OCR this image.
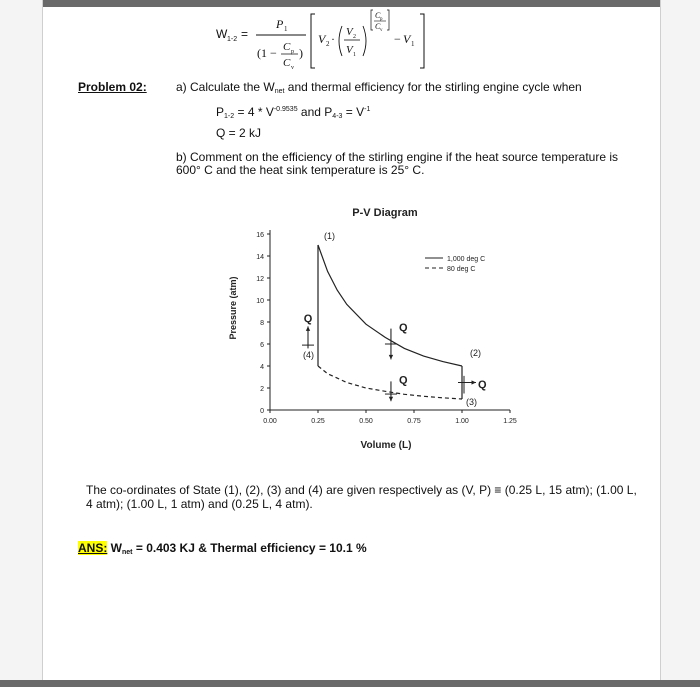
W 1-2 =
P 1
(1 − C p
C v
)
V 2 · V 2
V 1
C p
C v
− V 1
Problem 02: a) Calculate the $W_{net}$ and thermal efficiency for the stirling engine cycle when
$P_{1-2} = 4 * V^{-0.9535}$ and $P_{4-3} = V^{-1}$
Q = 2 kJ
b) Comment on the efficiency of the stirling engine if the heat source temperature is 600° C and the heat sink temperature is 25° C.
P-V Diagram
Pressure (atm)
Volume (L)
0
2
4
6
8
10
12
14
16
0.00	0.25	0.50	0.75	1.00	1.25
(1)
(2)
(3)
(4)
Q
Q
Q	Q
1,000 deg C
80 deg C
The co-ordinates of State (1), (2), (3) and (4) are given respectively as (V, P) ≡ (0.25 L, 15 atm); (1.00 L, 4 atm); (1.00 L, 1 atm) and (0.25 L, 4 atm).
ANS: $W_{net} = 0.403$ KJ & Thermal efficiency = 10.1 %
